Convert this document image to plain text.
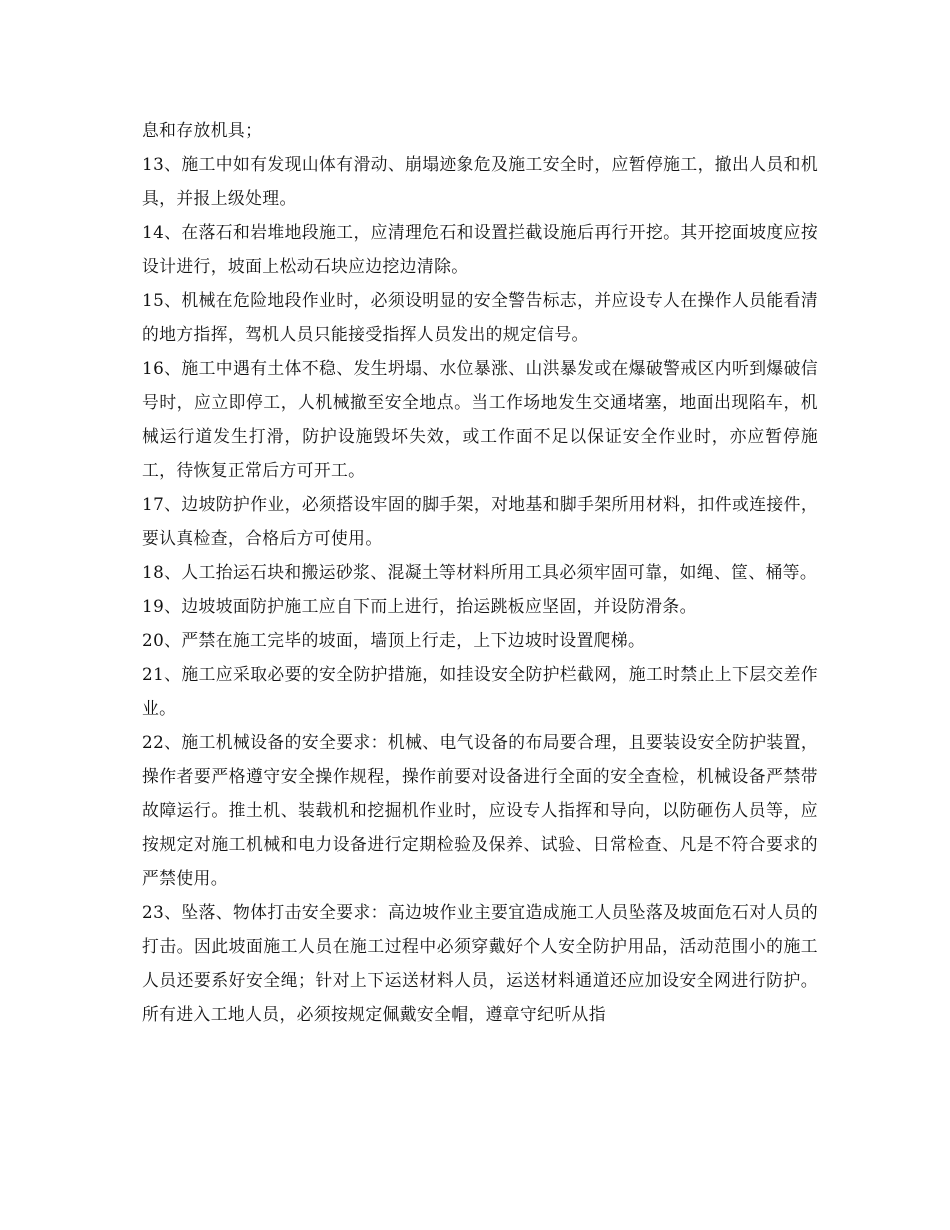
息和存放机具；

13、施工中如有发现山体有滑动、崩塌迹象危及施工安全时，应暂停施工，撤出人员和机具，并报上级处理。

14、在落石和岩堆地段施工，应清理危石和设置拦截设施后再行开挖。其开挖面坡度应按设计进行，坡面上松动石块应边挖边清除。

15、机械在危险地段作业时，必须设明显的安全警告标志，并应设专人在操作人员能看清的地方指挥，驾机人员只能接受指挥人员发出的规定信号。

16、施工中遇有土体不稳、发生坍塌、水位暴涨、山洪暴发或在爆破警戒区内听到爆破信号时，应立即停工，人机械撤至安全地点。当工作场地发生交通堵塞，地面出现陷车，机械运行道发生打滑，防护设施毁坏失效，或工作面不足以保证安全作业时，亦应暂停施工，待恢复正常后方可开工。

17、边坡防护作业，必须搭设牢固的脚手架，对地基和脚手架所用材料，扣件或连接件，要认真检查，合格后方可使用。

18、人工抬运石块和搬运砂浆、混凝土等材料所用工具必须牢固可靠，如绳、筐、桶等。

19、边坡坡面防护施工应自下而上进行，抬运跳板应坚固，并设防滑条。

20、严禁在施工完毕的坡面，墙顶上行走，上下边坡时设置爬梯。

21、施工应采取必要的安全防护措施，如挂设安全防护栏截网，施工时禁止上下层交差作业。

22、施工机械设备的安全要求：机械、电气设备的布局要合理，且要装设安全防护装置，操作者要严格遵守安全操作规程，操作前要对设备进行全面的安全查检，机械设备严禁带故障运行。推土机、装载机和挖掘机作业时，应设专人指挥和导向，以防砸伤人员等，应按规定对施工机械和电力设备进行定期检验及保养、试验、日常检查、凡是不符合要求的严禁使用。

23、坠落、物体打击安全要求：高边坡作业主要宜造成施工人员坠落及坡面危石对人员的打击。因此坡面施工人员在施工过程中必须穿戴好个人安全防护用品，活动范围小的施工人员还要系好安全绳；针对上下运送材料人员，运送材料通道还应加设安全网进行防护。所有进入工地人员，必须按规定佩戴安全帽，遵章守纪听从指
